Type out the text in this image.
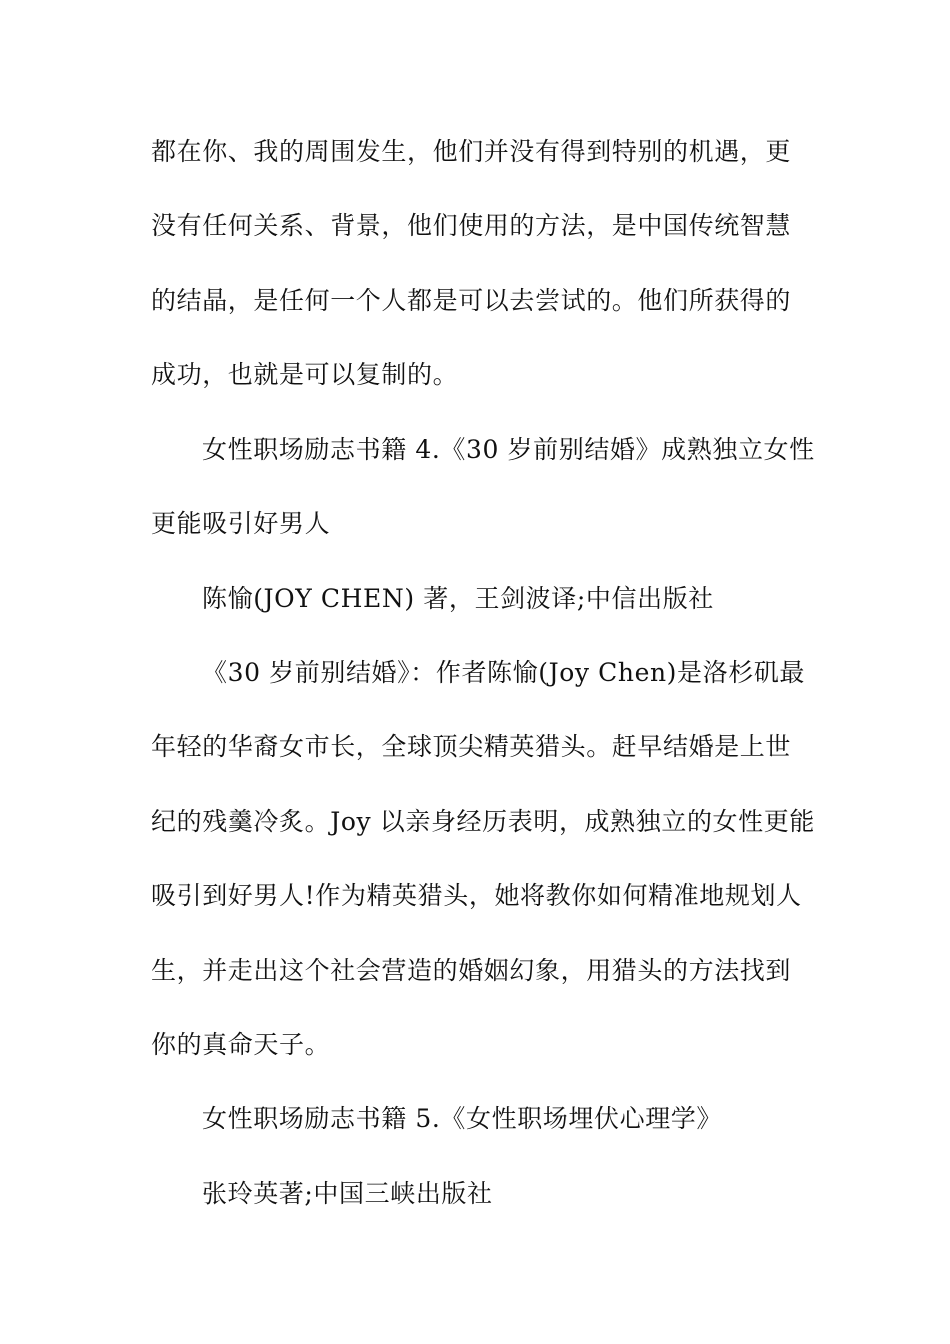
都在你、我的周围发生，他们并没有得到特别的机遇，更
没有任何关系、背景，他们使用的方法，是中国传统智慧
的结晶，是任何一个人都是可以去尝试的。他们所获得的
成功，也就是可以复制的。
女性职场励志书籍 4.《30 岁前别结婚》成熟独立女性
更能吸引好男人
陈愉(JOY CHEN) 著，王剑波译;中信出版社
《30 岁前别结婚》：作者陈愉(Joy Chen)是洛杉矶最
年轻的华裔女市长，全球顶尖精英猎头。赶早结婚是上世
纪的残羹冷炙。Joy 以亲身经历表明，成熟独立的女性更能
吸引到好男人!作为精英猎头，她将教你如何精准地规划人
生，并走出这个社会营造的婚姻幻象，用猎头的方法找到
你的真命天子。
女性职场励志书籍 5.《女性职场埋伏心理学》
张玲英著;中国三峡出版社
